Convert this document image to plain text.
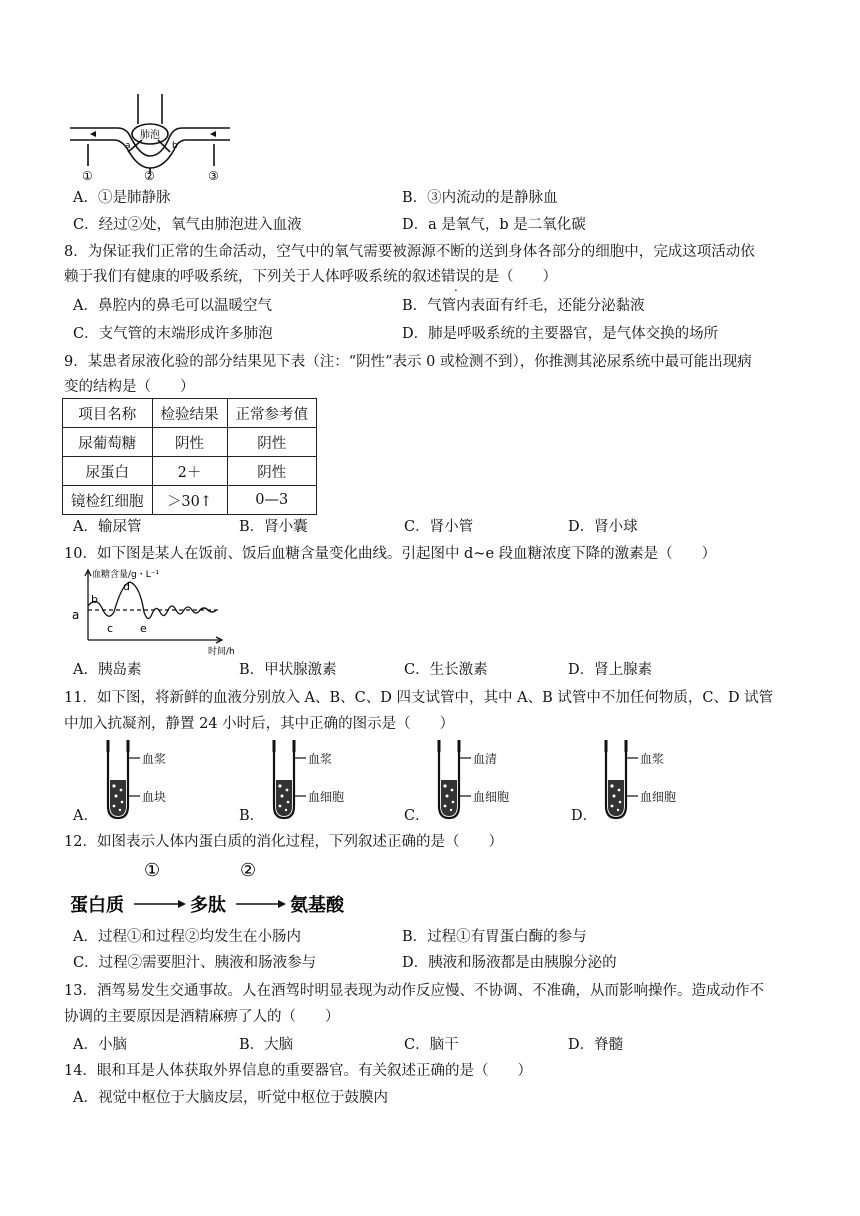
肺泡
a	b
①	②	③
A．①是肺静脉	B．③内流动的是静脉血
C．经过②处，氧气由肺泡进入血液	D．a 是氧气，b 是二氧化碳
8．为保证我们正常的生命活动，空气中的氧气需要被源源不断的送到身体各部分的细胞中，完成这项活动依
赖于我们有健康的呼吸系统，下列关于人体呼吸系统的叙述错误的是（　　）
A．鼻腔内的鼻毛可以温暖空气	B．气管内表面有纤毛，还能分泌黏液
C．支气管的末端形成许多肺泡	D．肺是呼吸系统的主要器官，是气体交换的场所
9．某患者尿液化验的部分结果见下表（注：“阴性”表示 0 或检测不到），你推测其泌尿系统中最可能出现病
变的结构是（　　）
项目名称	检验结果	正常参考值
尿葡萄糖	阴性	阴性
尿蛋白	2＋	阴性
镜检红细胞	＞30↑	0—3
A．输尿管	B．肾小囊	C．肾小管	D．肾小球
10．如下图是某人在饭前、饭后血糖含量变化曲线。引起图中 d~e 段血糖浓度下降的激素是（　　）
血糖含量/g・L⁻¹
时间/h
a
b
c
d
e
A．胰岛素	B．甲状腺激素	C．生长激素	D．肾上腺素
11．如下图，将新鲜的血液分别放入 A、B、C、D 四支试管中，其中 A、B 试管中不加任何物质，C、D 试管
中加入抗凝剂，静置 24 小时后，其中正确的图示是（　　）
A．
血浆
血块
B．
血浆
血细胞
C．
血清
血细胞
D．
血浆
血细胞
12．如图表示人体内蛋白质的消化过程，下列叙述正确的是（　　）
①	②
蛋白质	多肽	氨基酸
A．过程①和过程②均发生在小肠内	B．过程①有胃蛋白酶的参与
C．过程②需要胆汁、胰液和肠液参与	D．胰液和肠液都是由胰腺分泌的
13．酒驾易发生交通事故。人在酒驾时明显表现为动作反应慢、不协调、不准确，从而影响操作。造成动作不
协调的主要原因是酒精麻痹了人的（　　）
A．小脑	B．大脑	C．脑干	D．脊髓
14．眼和耳是人体获取外界信息的重要器官。有关叙述正确的是（　　）
A．视觉中枢位于大脑皮层，听觉中枢位于鼓膜内
